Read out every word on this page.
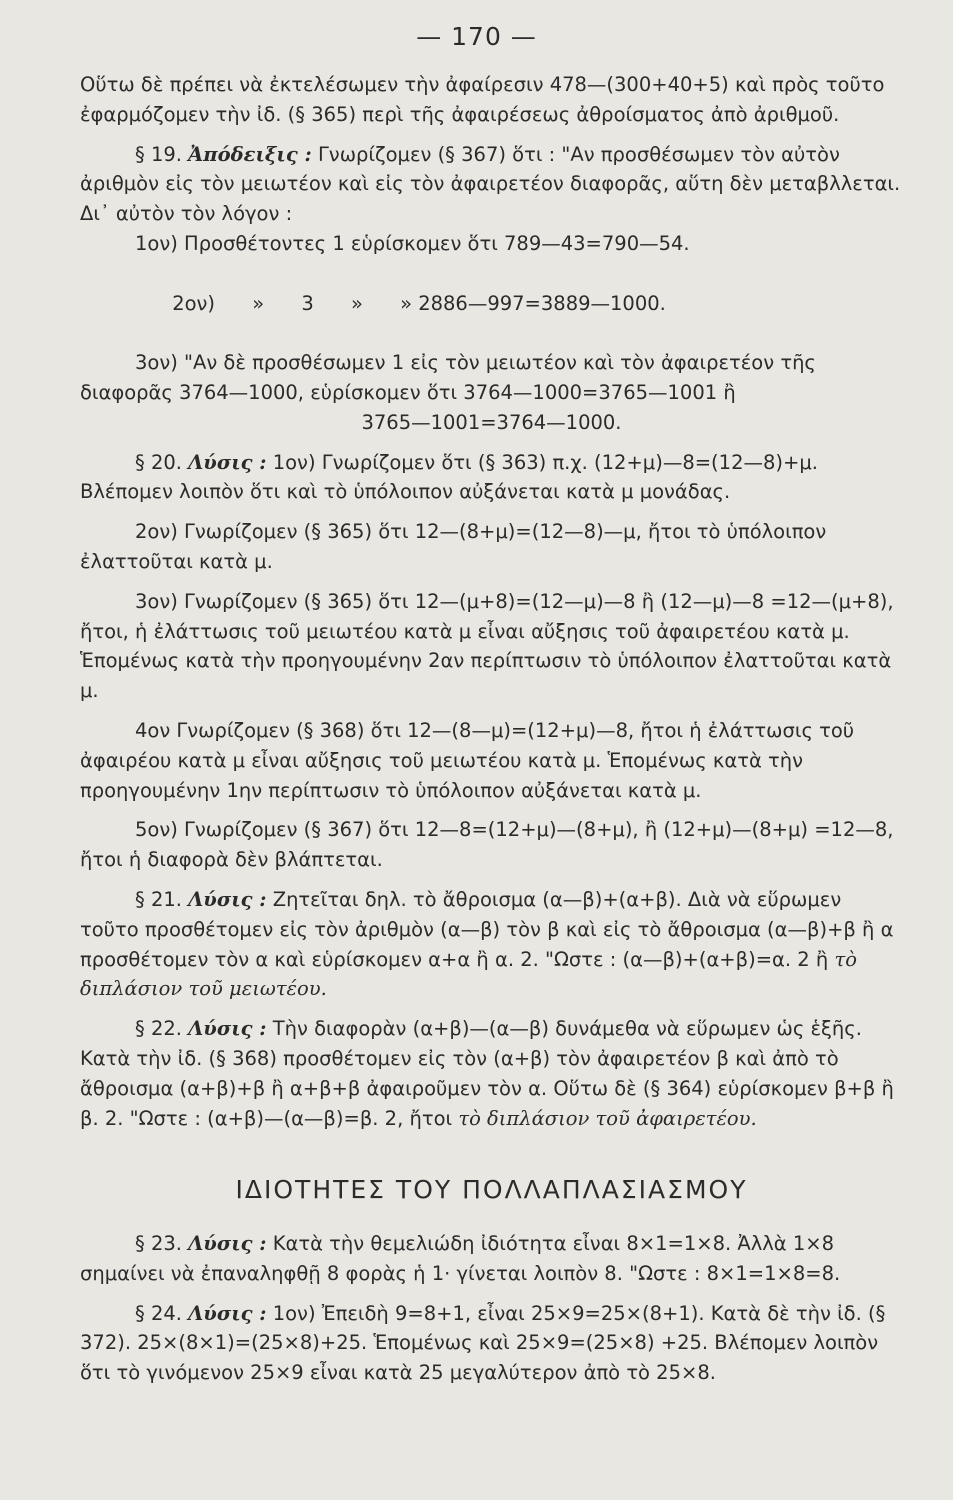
— 170 —

Οὕτω δὲ πρέπει νὰ ἐκτελέσωμεν τὴν ἀφαίρεσιν 478—(300+40+5) καὶ πρὸς τοῦτο ἐφαρμόζομεν τὴν ἰδ. (§ 365) περὶ τῆς ἀφαιρέσεως ἀθροίσματος ἀπὸ ἀριθμοῦ.

§ 19. Ἀπόδειξις : Γνωρίζομεν (§ 367) ὅτι : "Αν προσθέσωμεν τὸν αὐτὸν ἀριθμὸν εἰς τὸν μειωτέον καὶ εἰς τὸν ἀφαιρετέον διαφορᾶς, αὕτη δὲν μεταβλλεται. Δι᾿ αὐτὸν τὸν λόγον :

1ον) Προσθέτοντες 1 εὑρίσκομεν ὅτι 789—43=790—54.

2ον)      »      3      »      » 2886—997=3889—1000.

3ον) "Αν δὲ προσθέσωμεν 1 εἰς τὸν μειωτέον καὶ τὸν ἀφαιρετέον τῆς διαφορᾶς 3764—1000, εὑρίσκομεν ὅτι 3764—1000=3765—1001 ἢ

3765—1001=3764—1000.

§ 20. Λύσις : 1ον) Γνωρίζομεν ὅτι (§ 363) π.χ. (12+μ)—8=(12—8)+μ. Βλέπομεν λοιπὸν ὅτι καὶ τὸ ὑπόλοιπον αὐξάνεται κατὰ μ μονάδας.

2ον) Γνωρίζομεν (§ 365) ὅτι 12—(8+μ)=(12—8)—μ, ἤτοι τὸ ὑπόλοιπον ἐλαττοῦται κατὰ μ.

3ον) Γνωρίζομεν (§ 365) ὅτι 12—(μ+8)=(12—μ)—8 ἢ (12—μ)—8 =12—(μ+8), ἤτοι, ἡ ἐλάττωσις τοῦ μειωτέου κατὰ μ εἶναι αὔξησις τοῦ ἀφαιρετέου κατὰ μ. Ἑπομένως κατὰ τὴν προηγουμένην 2αν περίπτωσιν τὸ ὑπόλοιπον ἐλαττοῦται κατὰ μ.

4ον Γνωρίζομεν (§ 368) ὅτι 12—(8—μ)=(12+μ)—8, ἤτοι ἡ ἐλάττωσις τοῦ ἀφαιρέου κατὰ μ εἶναι αὔξησις τοῦ μειωτέου κατὰ μ. Ἑπομένως κατὰ τὴν προηγουμένην 1ην περίπτωσιν τὸ ὑπόλοιπον αὐξάνεται κατὰ μ.

5ον) Γνωρίζομεν (§ 367) ὅτι 12—8=(12+μ)—(8+μ), ἢ (12+μ)—(8+μ) =12—8, ἤτοι ἡ διαφορὰ δὲν βλάπτεται.

§ 21. Λύσις : Ζητεῖται δηλ. τὸ ἄθροισμα (α—β)+(α+β). Διὰ νὰ εὕρωμεν τοῦτο προσθέτομεν εἰς τὸν ἀριθμὸν (α—β) τὸν β καὶ εἰς τὸ ἄθροισμα (α—β)+β ἢ α προσθέτομεν τὸν α καὶ εὑρίσκομεν α+α ἢ α. 2. "Ωστε : (α—β)+(α+β)=α. 2 ἢ τὸ διπλάσιον τοῦ μειωτέου.

§ 22. Λύσις : Τὴν διαφορὰν (α+β)—(α—β) δυνάμεθα νὰ εὕρωμεν ὡς ἑξῆς. Κατὰ τὴν ἰδ. (§ 368) προσθέτομεν εἰς τὸν (α+β) τὸν ἀφαιρετέον β καὶ ἀπὸ τὸ ἄθροισμα (α+β)+β ἢ α+β+β ἀφαιροῦμεν τὸν α. Οὕτω δὲ (§ 364) εὑρίσκομεν β+β ἢ β. 2. "Ωστε : (α+β)—(α—β)=β. 2, ἤτοι τὸ διπλάσιον τοῦ ἀφαιρετέου.

ΙΔΙΟΤΗΤΕΣ ΤΟΥ ΠΟΛΛΑΠΛΑΣΙΑΣΜΟΥ

§ 23. Λύσις : Κατὰ τὴν θεμελιώδη ἰδιότητα εἶναι 8×1=1×8. Ἀλλὰ 1×8 σημαίνει νὰ ἐπαναληφθῇ 8 φορὰς ἡ 1· γίνεται λοιπὸν 8. "Ωστε : 8×1=1×8=8.

§ 24. Λύσις : 1ον) Ἐπειδὴ 9=8+1, εἶναι 25×9=25×(8+1). Κατὰ δὲ τὴν ἰδ. (§ 372). 25×(8×1)=(25×8)+25. Ἑπομένως καὶ 25×9=(25×8) +25. Βλέπομεν λοιπὸν ὅτι τὸ γινόμενον 25×9 εἶναι κατὰ 25 μεγαλύτερον ἀπὸ τὸ 25×8.
